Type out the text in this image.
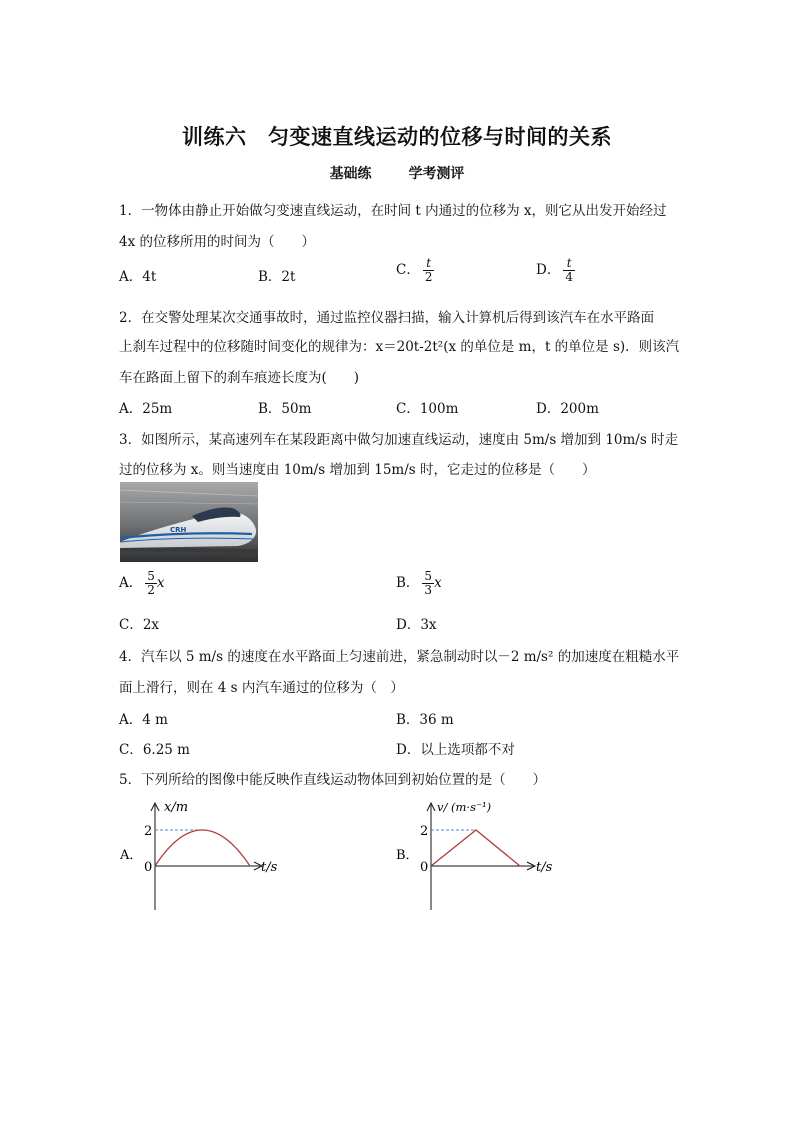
训练六　匀变速直线运动的位移与时间的关系
基础练	学考测评
1．一物体由静止开始做匀变速直线运动，在时间 t 内通过的位移为 x，则它从出发开始经过
4x 的位移所用的时间为（　　）
A．4t	B．2t	C． $\frac{t}{2}$	D． $\frac{t}{4}$
2．在交警处理某次交通事故时，通过监控仪器扫描，输入计算机后得到该汽车在水平路面
上刹车过程中的位移随时间变化的规律为：x＝20t-2t²(x 的单位是 m，t 的单位是 s)．则该汽
车在路面上留下的刹车痕迹长度为(　　)
A．25m	B．50m	C．100m	D．200m
3．如图所示，某高速列车在某段距离中做匀加速直线运动，速度由 5m/s 增加到 10m/s 时走
过的位移为 x。则当速度由 10m/s 增加到 15m/s 时，它走过的位移是（　　）
CRH
A． $\frac{5}{2}$ x	B． $\frac{5}{3}$ x
C．2x	D．3x
4．汽车以 5 m/s 的速度在水平路面上匀速前进，紧急制动时以－2 m/s² 的加速度在粗糙水平
面上滑行，则在 4 s 内汽车通过的位移为（　）
A．4 m	B．36 m
C．6.25 m	D．以上选项都不对
5．下列所给的图像中能反映作直线运动物体回到初始位置的是（　　）
A．
x/m
t/s
2
0
B．
v/ (m·s⁻¹)
t/s
2
0
